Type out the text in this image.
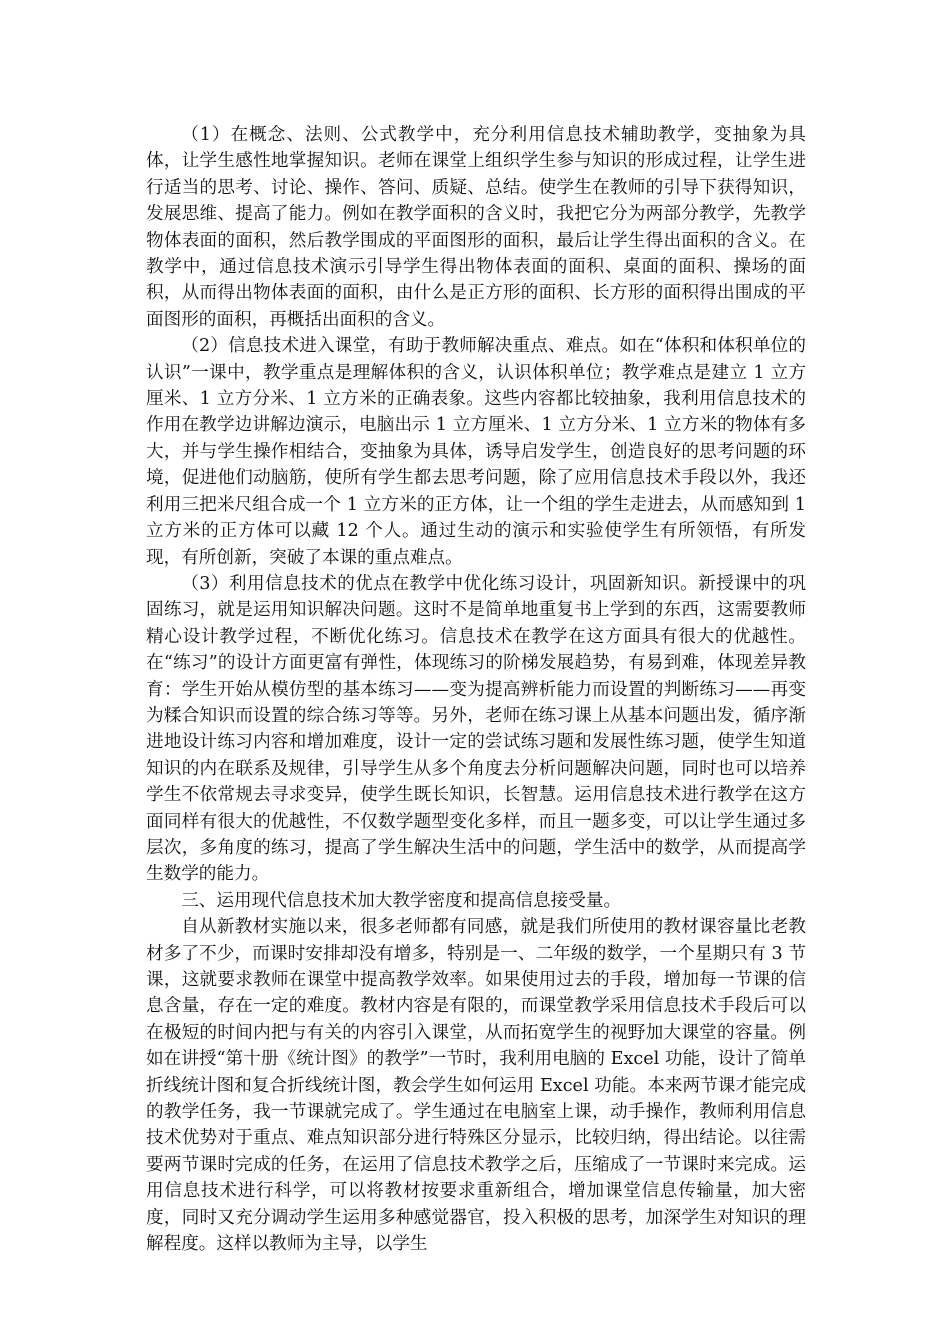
（1）在概念、法则、公式教学中，充分利用信息技术辅助教学，变抽象为具体，让学生感性地掌握知识。老师在课堂上组织学生参与知识的形成过程，让学生进行适当的思考、讨论、操作、答问、质疑、总结。使学生在教师的引导下获得知识，发展思维、提高了能力。例如在教学面积的含义时，我把它分为两部分教学，先教学物体表面的面积，然后教学围成的平面图形的面积，最后让学生得出面积的含义。在教学中，通过信息技术演示引导学生得出物体表面的面积、桌面的面积、操场的面积，从而得出物体表面的面积，由什么是正方形的面积、长方形的面积得出围成的平面图形的面积，再概括出面积的含义。

（2）信息技术进入课堂，有助于教师解决重点、难点。如在“体积和体积单位的认识”一课中，教学重点是理解体积的含义，认识体积单位；教学难点是建立 1 立方厘米、1 立方分米、1 立方米的正确表象。这些内容都比较抽象，我利用信息技术的作用在教学边讲解边演示，电脑出示 1 立方厘米、1 立方分米、1 立方米的物体有多大，并与学生操作相结合，变抽象为具体，诱导启发学生，创造良好的思考问题的环境，促进他们动脑筋，使所有学生都去思考问题，除了应用信息技术手段以外，我还利用三把米尺组合成一个 1 立方米的正方体，让一个组的学生走进去，从而感知到 1 立方米的正方体可以藏 12 个人。通过生动的演示和实验使学生有所领悟，有所发现，有所创新，突破了本课的重点难点。

（3）利用信息技术的优点在教学中优化练习设计，巩固新知识。新授课中的巩固练习，就是运用知识解决问题。这时不是简单地重复书上学到的东西，这需要教师精心设计教学过程，不断优化练习。信息技术在教学在这方面具有很大的优越性。在“练习”的设计方面更富有弹性，体现练习的阶梯发展趋势，有易到难，体现差异教育：学生开始从模仿型的基本练习——变为提高辨析能力而设置的判断练习——再变为糅合知识而设置的综合练习等等。另外，老师在练习课上从基本问题出发，循序渐进地设计练习内容和增加难度，设计一定的尝试练习题和发展性练习题，使学生知道知识的内在联系及规律，引导学生从多个角度去分析问题解决问题，同时也可以培养学生不依常规去寻求变异，使学生既长知识，长智慧。运用信息技术进行教学在这方面同样有很大的优越性，不仅数学题型变化多样，而且一题多变，可以让学生通过多层次，多角度的练习，提高了学生解决生活中的问题，学生活中的数学，从而提高学生数学的能力。

三、运用现代信息技术加大教学密度和提高信息接受量。

自从新教材实施以来，很多老师都有同感，就是我们所使用的教材课容量比老教材多了不少，而课时安排却没有增多，特别是一、二年级的数学，一个星期只有 3 节课，这就要求教师在课堂中提高教学效率。如果使用过去的手段，增加每一节课的信息含量，存在一定的难度。教材内容是有限的，而课堂教学采用信息技术手段后可以在极短的时间内把与有关的内容引入课堂，从而拓宽学生的视野加大课堂的容量。例如在讲授“第十册《统计图》的教学”一节时，我利用电脑的 Excel 功能，设计了简单折线统计图和复合折线统计图，教会学生如何运用 Excel 功能。本来两节课才能完成的教学任务，我一节课就完成了。学生通过在电脑室上课，动手操作，教师利用信息技术优势对于重点、难点知识部分进行特殊区分显示，比较归纳，得出结论。以往需要两节课时完成的任务，在运用了信息技术教学之后，压缩成了一节课时来完成。运用信息技术进行科学，可以将教材按要求重新组合，增加课堂信息传输量，加大密度，同时又充分调动学生运用多种感觉器官，投入积极的思考，加深学生对知识的理解程度。这样以教师为主导，以学生
